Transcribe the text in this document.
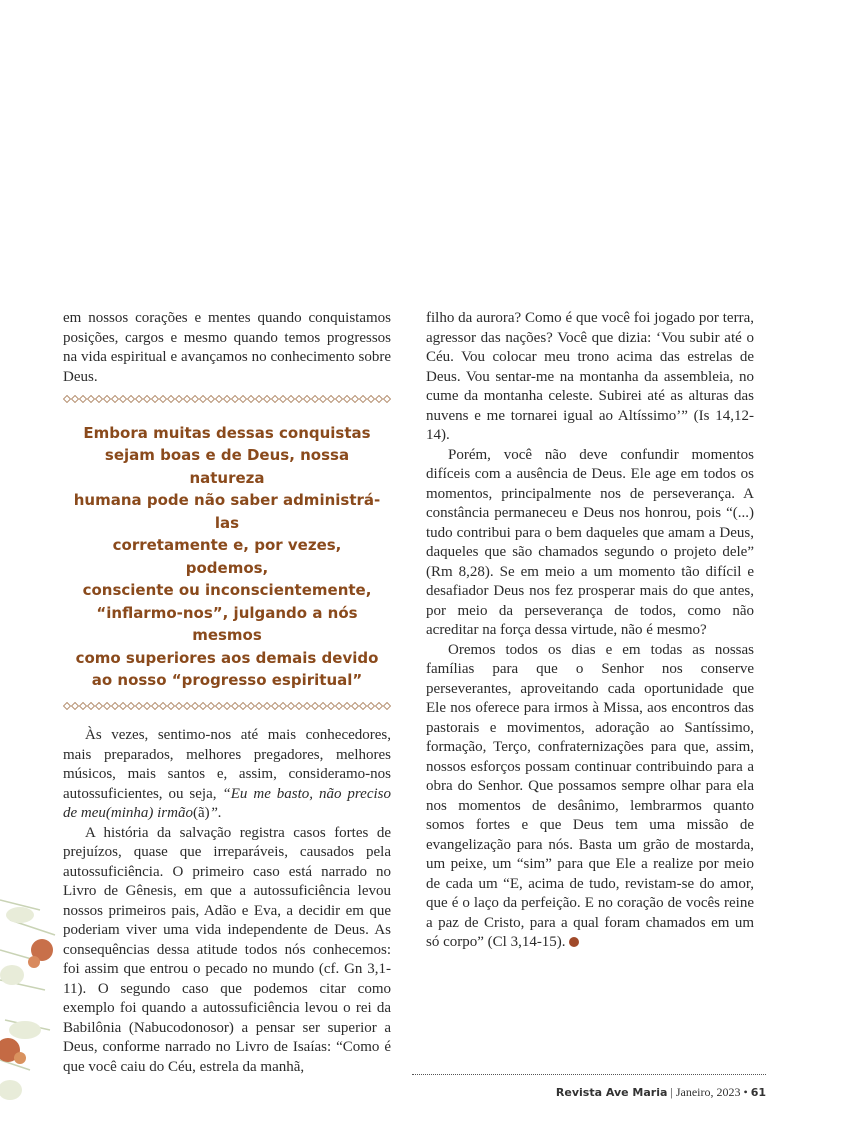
em nossos corações e mentes quando conquistamos posições, cargos e mesmo quando temos progressos na vida espiritual e avançamos no conhecimento sobre Deus.

Embora muitas dessas conquistas
sejam boas e de Deus, nossa natureza
humana pode não saber administrá-las
corretamente e, por vezes, podemos,
consciente ou inconscientemente,
“inflarmo-nos”, julgando a nós mesmos
como superiores aos demais devido
ao nosso “progresso espiritual”

Às vezes, sentimo-nos até mais conhecedores, mais preparados, melhores pregadores, melhores músicos, mais santos e, assim, consideramo-nos autossuficientes, ou seja, “Eu me basto, não preciso de meu(minha) irmão(ã)”.

A história da salvação registra casos fortes de prejuízos, quase que irreparáveis, causados pela autossuficiência. O primeiro caso está narrado no Livro de Gênesis, em que a autossuficiência levou nossos primeiros pais, Adão e Eva, a decidir em que poderiam viver uma vida independente de Deus. As consequências dessa atitude todos nós conhecemos: foi assim que entrou o pecado no mundo (cf. Gn 3,1-11). O segundo caso que podemos citar como exemplo foi quando a autossuficiência levou o rei da Babilônia (Nabucodonosor) a pensar ser superior a Deus, conforme narrado no Livro de Isaías: “Como é que você caiu do Céu, estrela da manhã,

filho da aurora? Como é que você foi jogado por terra, agressor das nações? Você que dizia: ‘Vou subir até o Céu. Vou colocar meu trono acima das estrelas de Deus. Vou sentar-me na montanha da assembleia, no cume da montanha celeste. Subirei até as alturas das nuvens e me tornarei igual ao Altíssimo’” (Is 14,12-14).

Porém, você não deve confundir momentos difíceis com a ausência de Deus. Ele age em todos os momentos, principalmente nos de perseverança. A constância permaneceu e Deus nos honrou, pois “(...) tudo contribui para o bem daqueles que amam a Deus, daqueles que são chamados segundo o projeto dele” (Rm 8,28). Se em meio a um momento tão difícil e desafiador Deus nos fez prosperar mais do que antes, por meio da perseverança de todos, como não acreditar na força dessa virtude, não é mesmo?

Oremos todos os dias e em todas as nossas famílias para que o Senhor nos conserve perseverantes, aproveitando cada oportunidade que Ele nos oferece para irmos à Missa, aos encontros das pastorais e movimentos, adoração ao Santíssimo, formação, Terço, confraternizações para que, assim, nossos esforços possam continuar contribuindo para a obra do Senhor. Que possamos sempre olhar para ela nos momentos de desânimo, lembrarmos quanto somos fortes e que Deus tem uma missão de evangelização para nós. Basta um grão de mostarda, um peixe, um “sim” para que Ele a realize por meio de cada um “E, acima de tudo, revistam-se do amor, que é o laço da perfeição. E no coração de vocês reine a paz de Cristo, para a qual foram chamados em um só corpo” (Cl 3,14-15).

Revista Ave Maria | Janeiro, 2023 • 61
